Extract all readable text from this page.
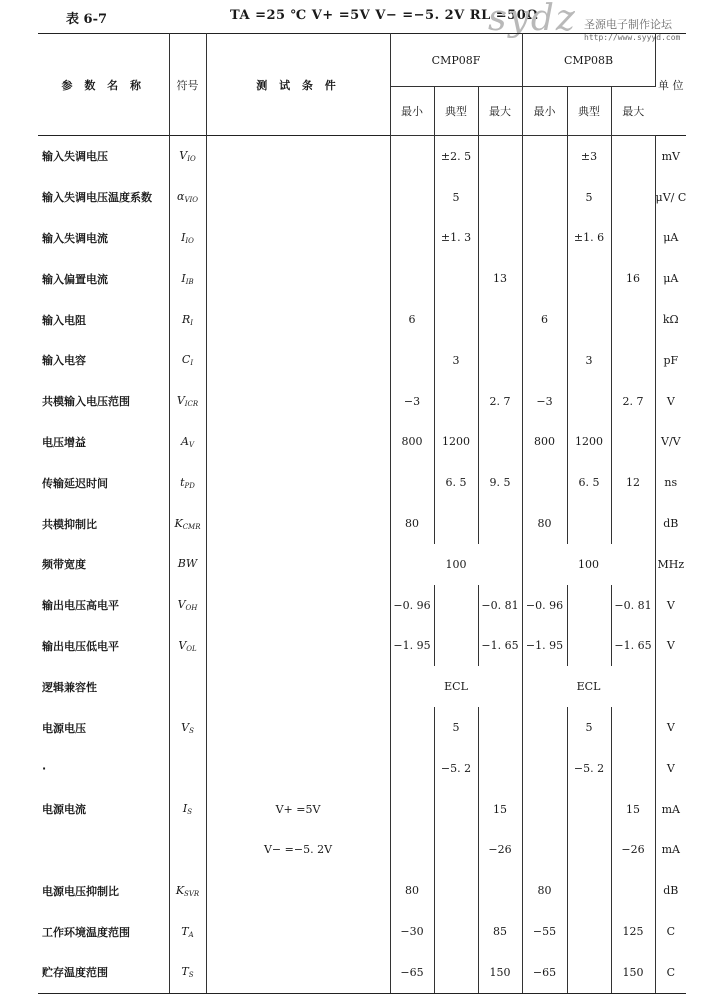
表 6-7	TA =25 ℃ V+ =5V V− =−5. 2V RL =50Ω
sydz 圣源电子制作论坛
http://www.syyyd.com
参 数 名 称	符号	测 试 条 件	CMP08F			CMP08B			单 位
			最小	典型	最大	最小	典型	最大	
输入失调电压	$V_{IO}$			±2. 5			±3		mV
输入失调电压温度系数	$\alpha_{VIO}$			5			5		μV/ C
输入失调电流	$I_{IO}$			±1. 3			±1. 6		μA
输入偏置电流	$I_{IB}$				13			16	μA
输入电阻	$R_I$		6			6			kΩ
输入电容	$C_I$			3			3		pF
共模输入电压范围	$V_{ICR}$		−3		2. 7	−3		2. 7	V
电压增益	$A_V$		800	1200		800	1200		V/V
传输延迟时间	$t_{PD}$			6. 5	9. 5		6. 5	12	ns
共模抑制比	$K_{CMR}$		80			80			dB
频带宽度	BW		100			100			MHz
输出电压高电平	$V_{OH}$		−0. 96		−0. 81	−0. 96		−0. 81	V
输出电压低电平	$V_{OL}$		−1. 95		−1. 65	−1. 95		−1. 65	V
逻辑兼容性			ECL			ECL			
电源电压	$V_S$			5			5		V
·				−5. 2			−5. 2		V
电源电流	$I_S$	V+ =5V			15			15	mA
		V− =−5. 2V			−26			−26	mA
电源电压抑制比	$K_{SVR}$		80			80			dB
工作环境温度范围	$T_A$		−30		85	−55		125	C
贮存温度范围	$T_S$		−65		150	−65		150	C
